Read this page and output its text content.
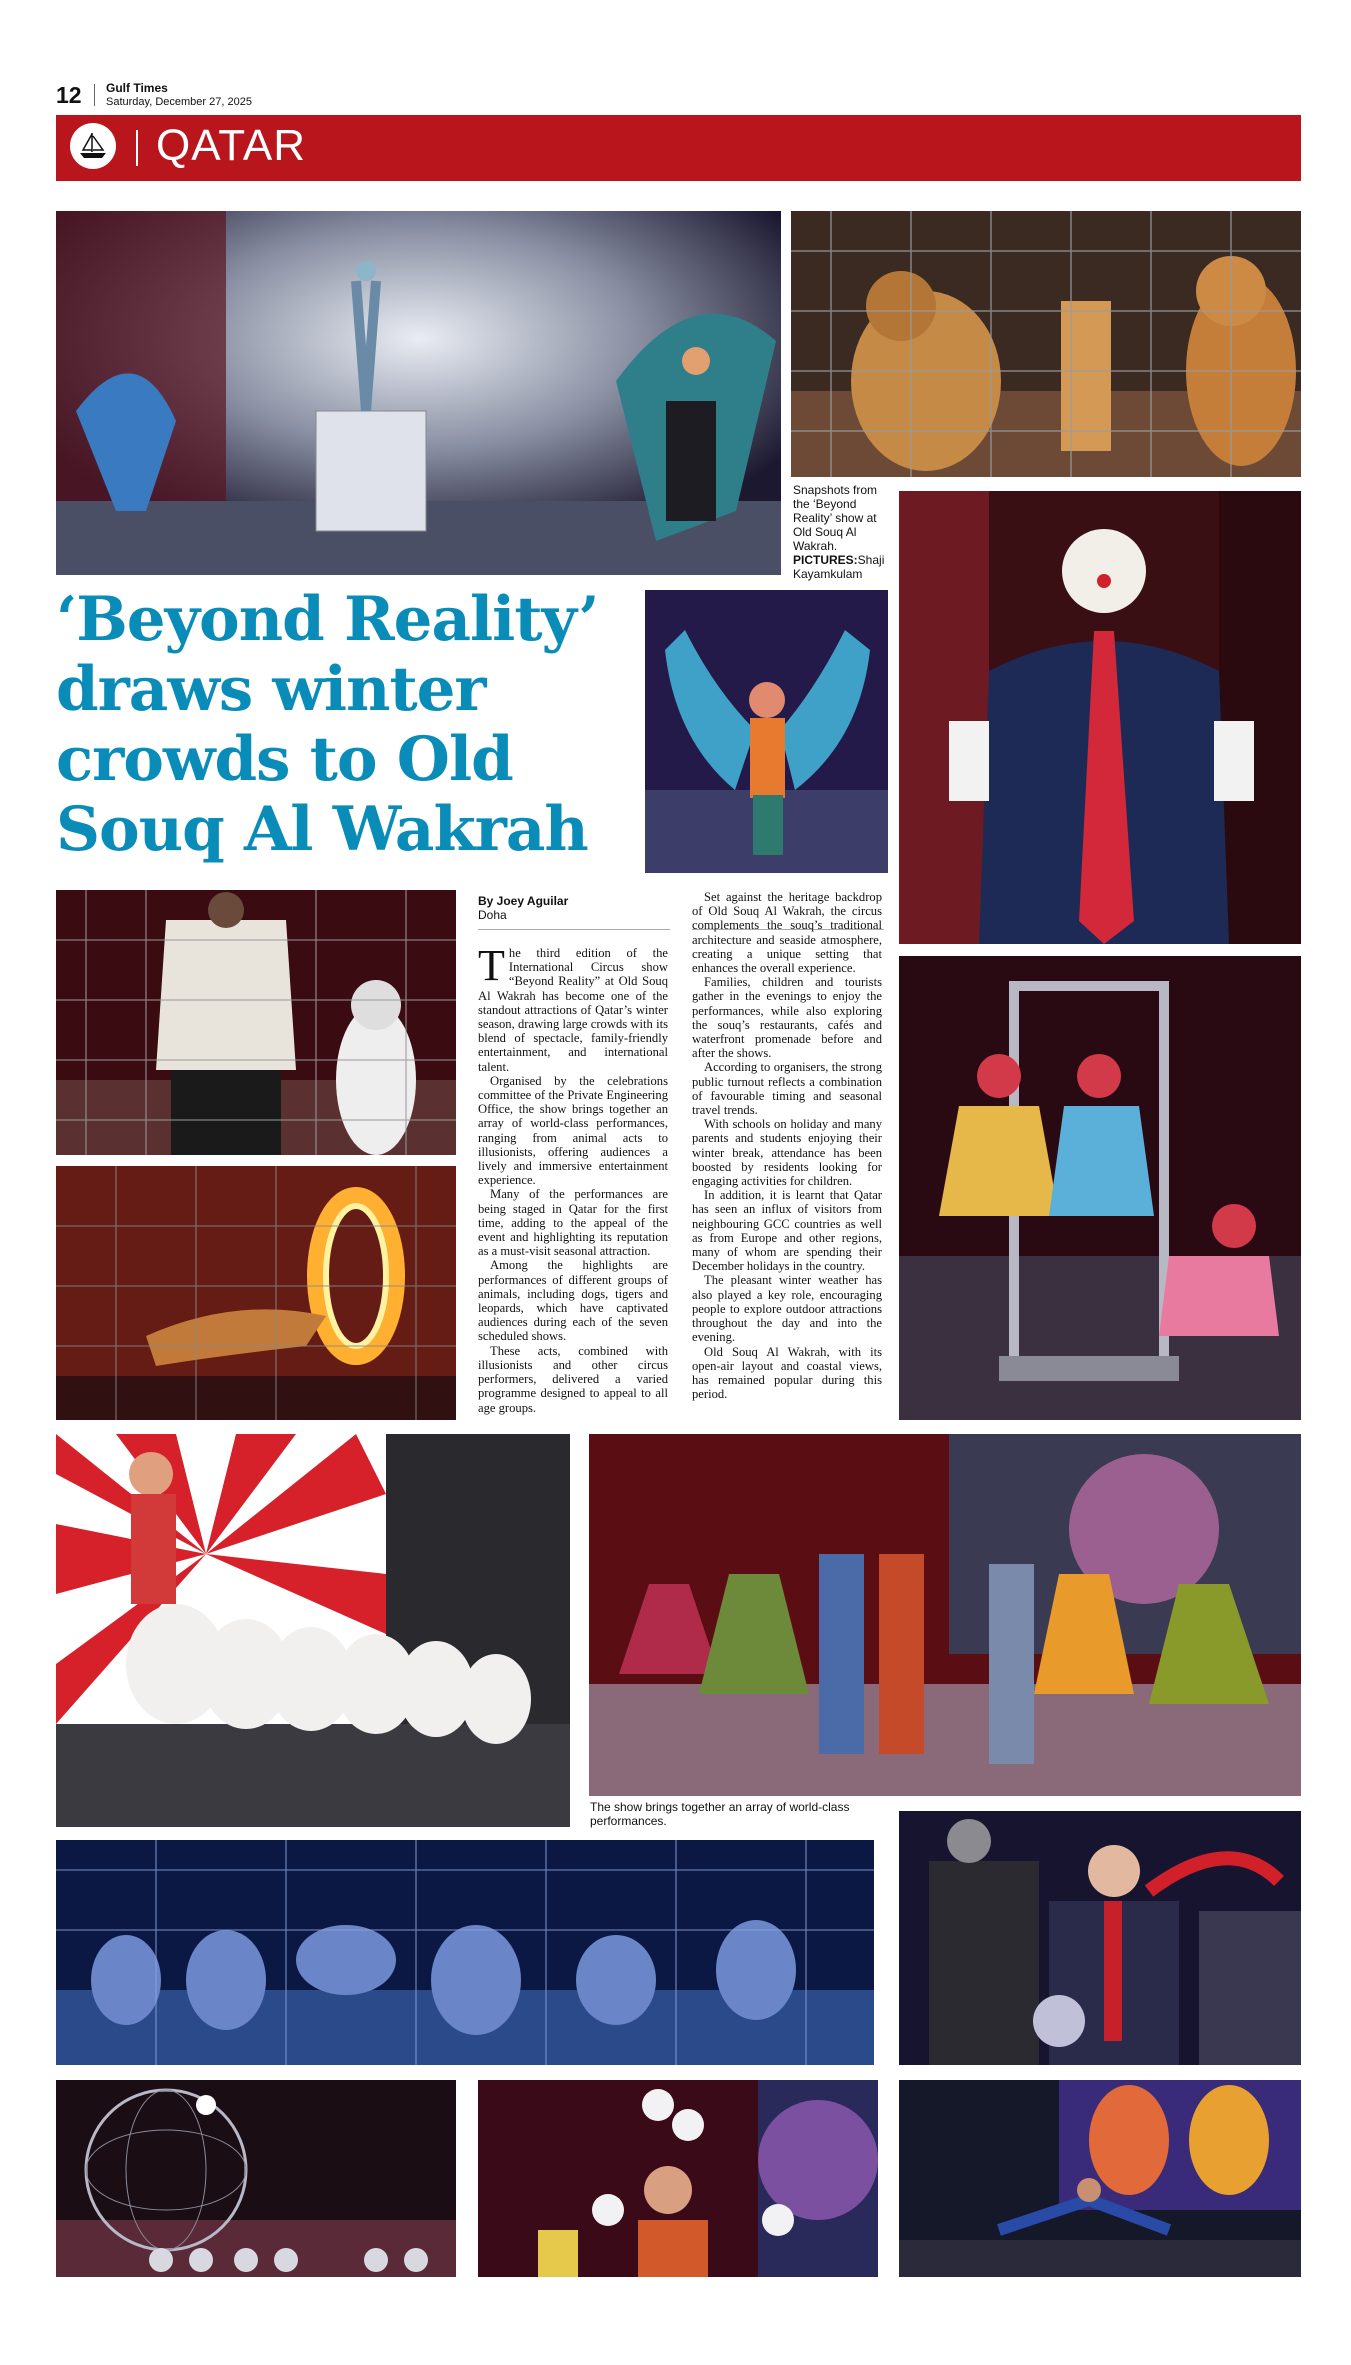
12 Gulf Times
Saturday, December 27, 2025
QATAR
Snapshots from the ‘Beyond Reality’ show at Old Souq Al Wakrah. PICTURES:Shaji Kayamkulam
‘Beyond Reality’ draws winter crowds to Old Souq Al Wakrah
By Joey Aguilar
Doha

The third edition of the International Circus show “Beyond Reality” at Old Souq Al Wakrah has become one of the standout attractions of Qatar’s winter season, drawing large crowds with its blend of spectacle, family-friendly entertainment, and international talent.

Organised by the celebrations committee of the Private Engineering Office, the show brings together an array of world-class performances, ranging from animal acts to illusionists, offering audiences a lively and immersive entertainment experience.

Many of the performances are being staged in Qatar for the first time, adding to the appeal of the event and highlighting its reputation as a must-visit seasonal attraction.

Among the highlights are performances of different groups of animals, including dogs, tigers and leopards, which have captivated audiences during each of the seven scheduled shows.

These acts, combined with illusionists and other circus performers, delivered a varied programme designed to appeal to all age groups.

Set against the heritage backdrop of Old Souq Al Wakrah, the circus complements the souq’s traditional architecture and seaside atmosphere, creating a unique setting that enhances the overall experience.

Families, children and tourists gather in the evenings to enjoy the performances, while also exploring the souq’s restaurants, cafés and waterfront promenade before and after the shows.

According to organisers, the strong public turnout reflects a combination of favourable timing and seasonal travel trends.

With schools on holiday and many parents and students enjoying their winter break, attendance has been boosted by residents looking for engaging activities for children.

In addition, it is learnt that Qatar has seen an influx of visitors from neighbouring GCC countries as well as from Europe and other regions, many of whom are spending their December holidays in the country.

The pleasant winter weather has also played a key role, encouraging people to explore outdoor attractions throughout the day and into the evening.

Old Souq Al Wakrah, with its open-air layout and coastal views, has remained popular during this period.

The show brings together an array of world-class performances.
